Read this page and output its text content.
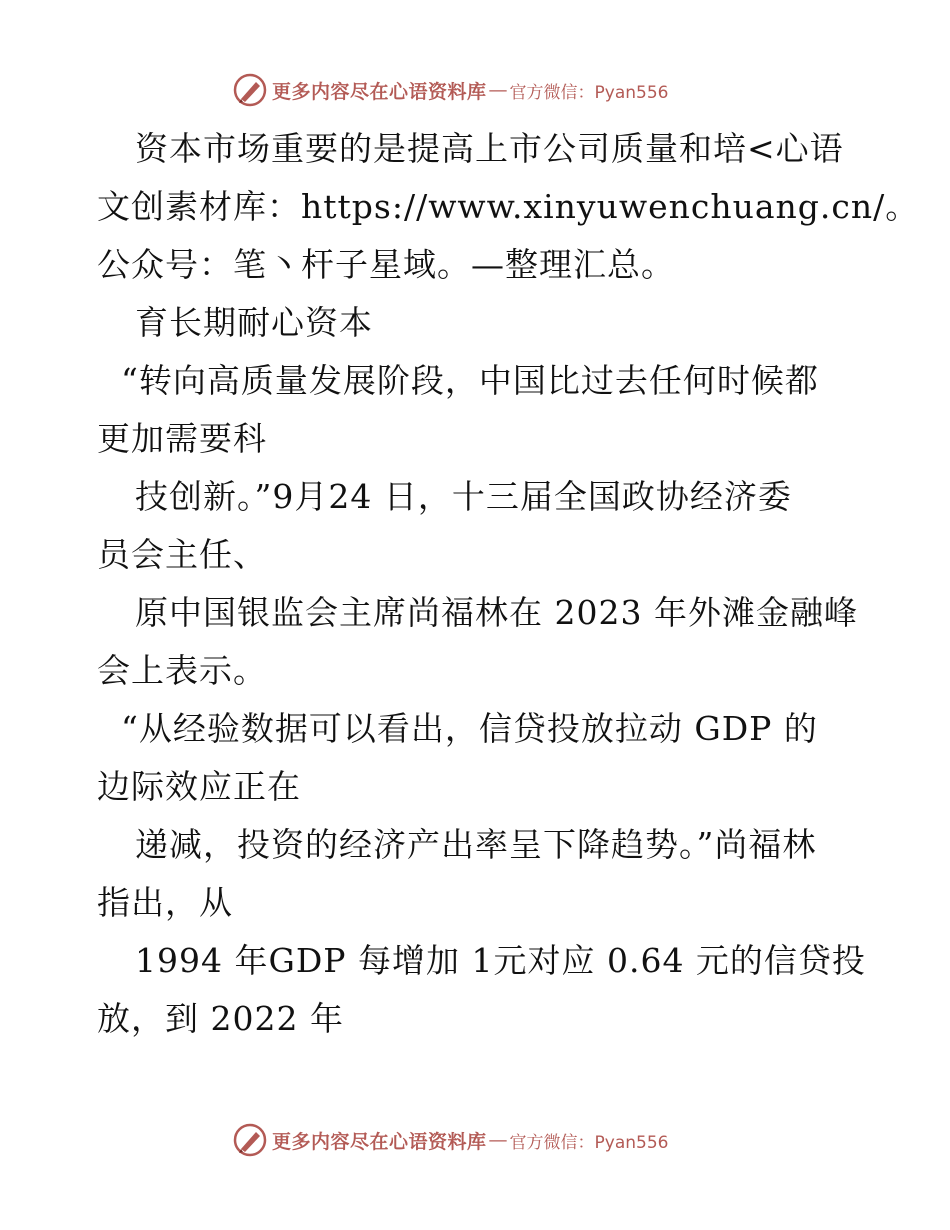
更多内容尽在心语资料库 — 官方微信：Pyan556
资本市场重要的是提高上市公司质量和培<心语
文创素材库：https://www.xinyuwenchuang.cn/。
公众号：笔丶杆子星域。—整理汇总。
育长期耐心资本
“转向高质量发展阶段，中国比过去任何时候都
更加需要科
技创新。”9月24 日，十三届全国政协经济委
员会主任、
原中国银监会主席尚福林在 2023 年外滩金融峰
会上表示。
“从经验数据可以看出，信贷投放拉动 GDP 的
边际效应正在
递减，投资的经济产出率呈下降趋势。”尚福林
指出，从
1994 年GDP 每增加 1元对应 0.64 元的信贷投
放，到 2022 年
更多内容尽在心语资料库 — 官方微信：Pyan556
